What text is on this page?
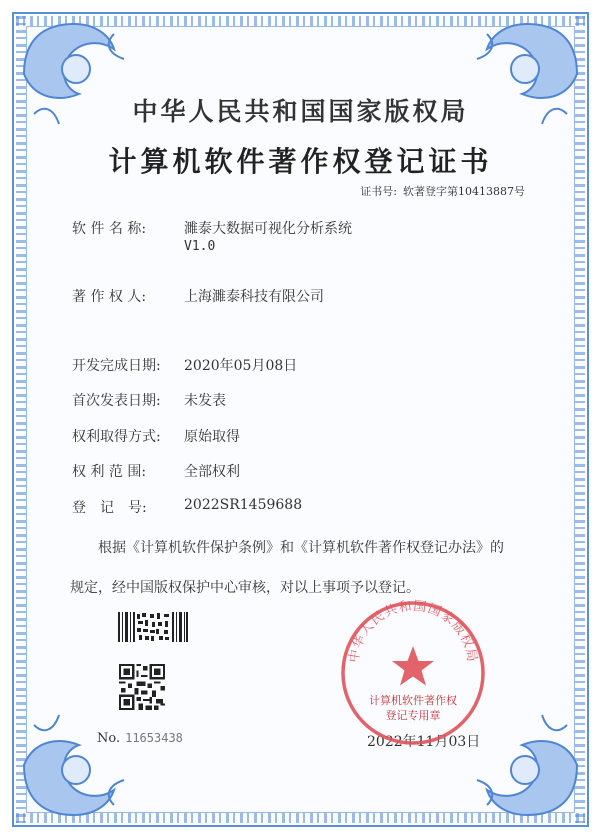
中华人民共和国国家版权局
计算机软件著作权登记证书
证书号: 软著登字第10413887号
软 件 名 称:	濉泰大数据可视化分析系统
V1.0
著 作 权 人:	上海濉泰科技有限公司
开发完成日期: 2020年05月08日
首次发表日期: 未发表
权利取得方式: 原始取得
权 利 范 围:	全部权利
登　记　号:	2022SR1459688

根据《计算机软件保护条例》和《计算机软件著作权登记办法》的

规定，经中国版权保护中心审核，对以上事项予以登记。

No. 11653438	2022年11月03日
中华人民共和国国家版权局
计算机软件著作权
登记专用章
